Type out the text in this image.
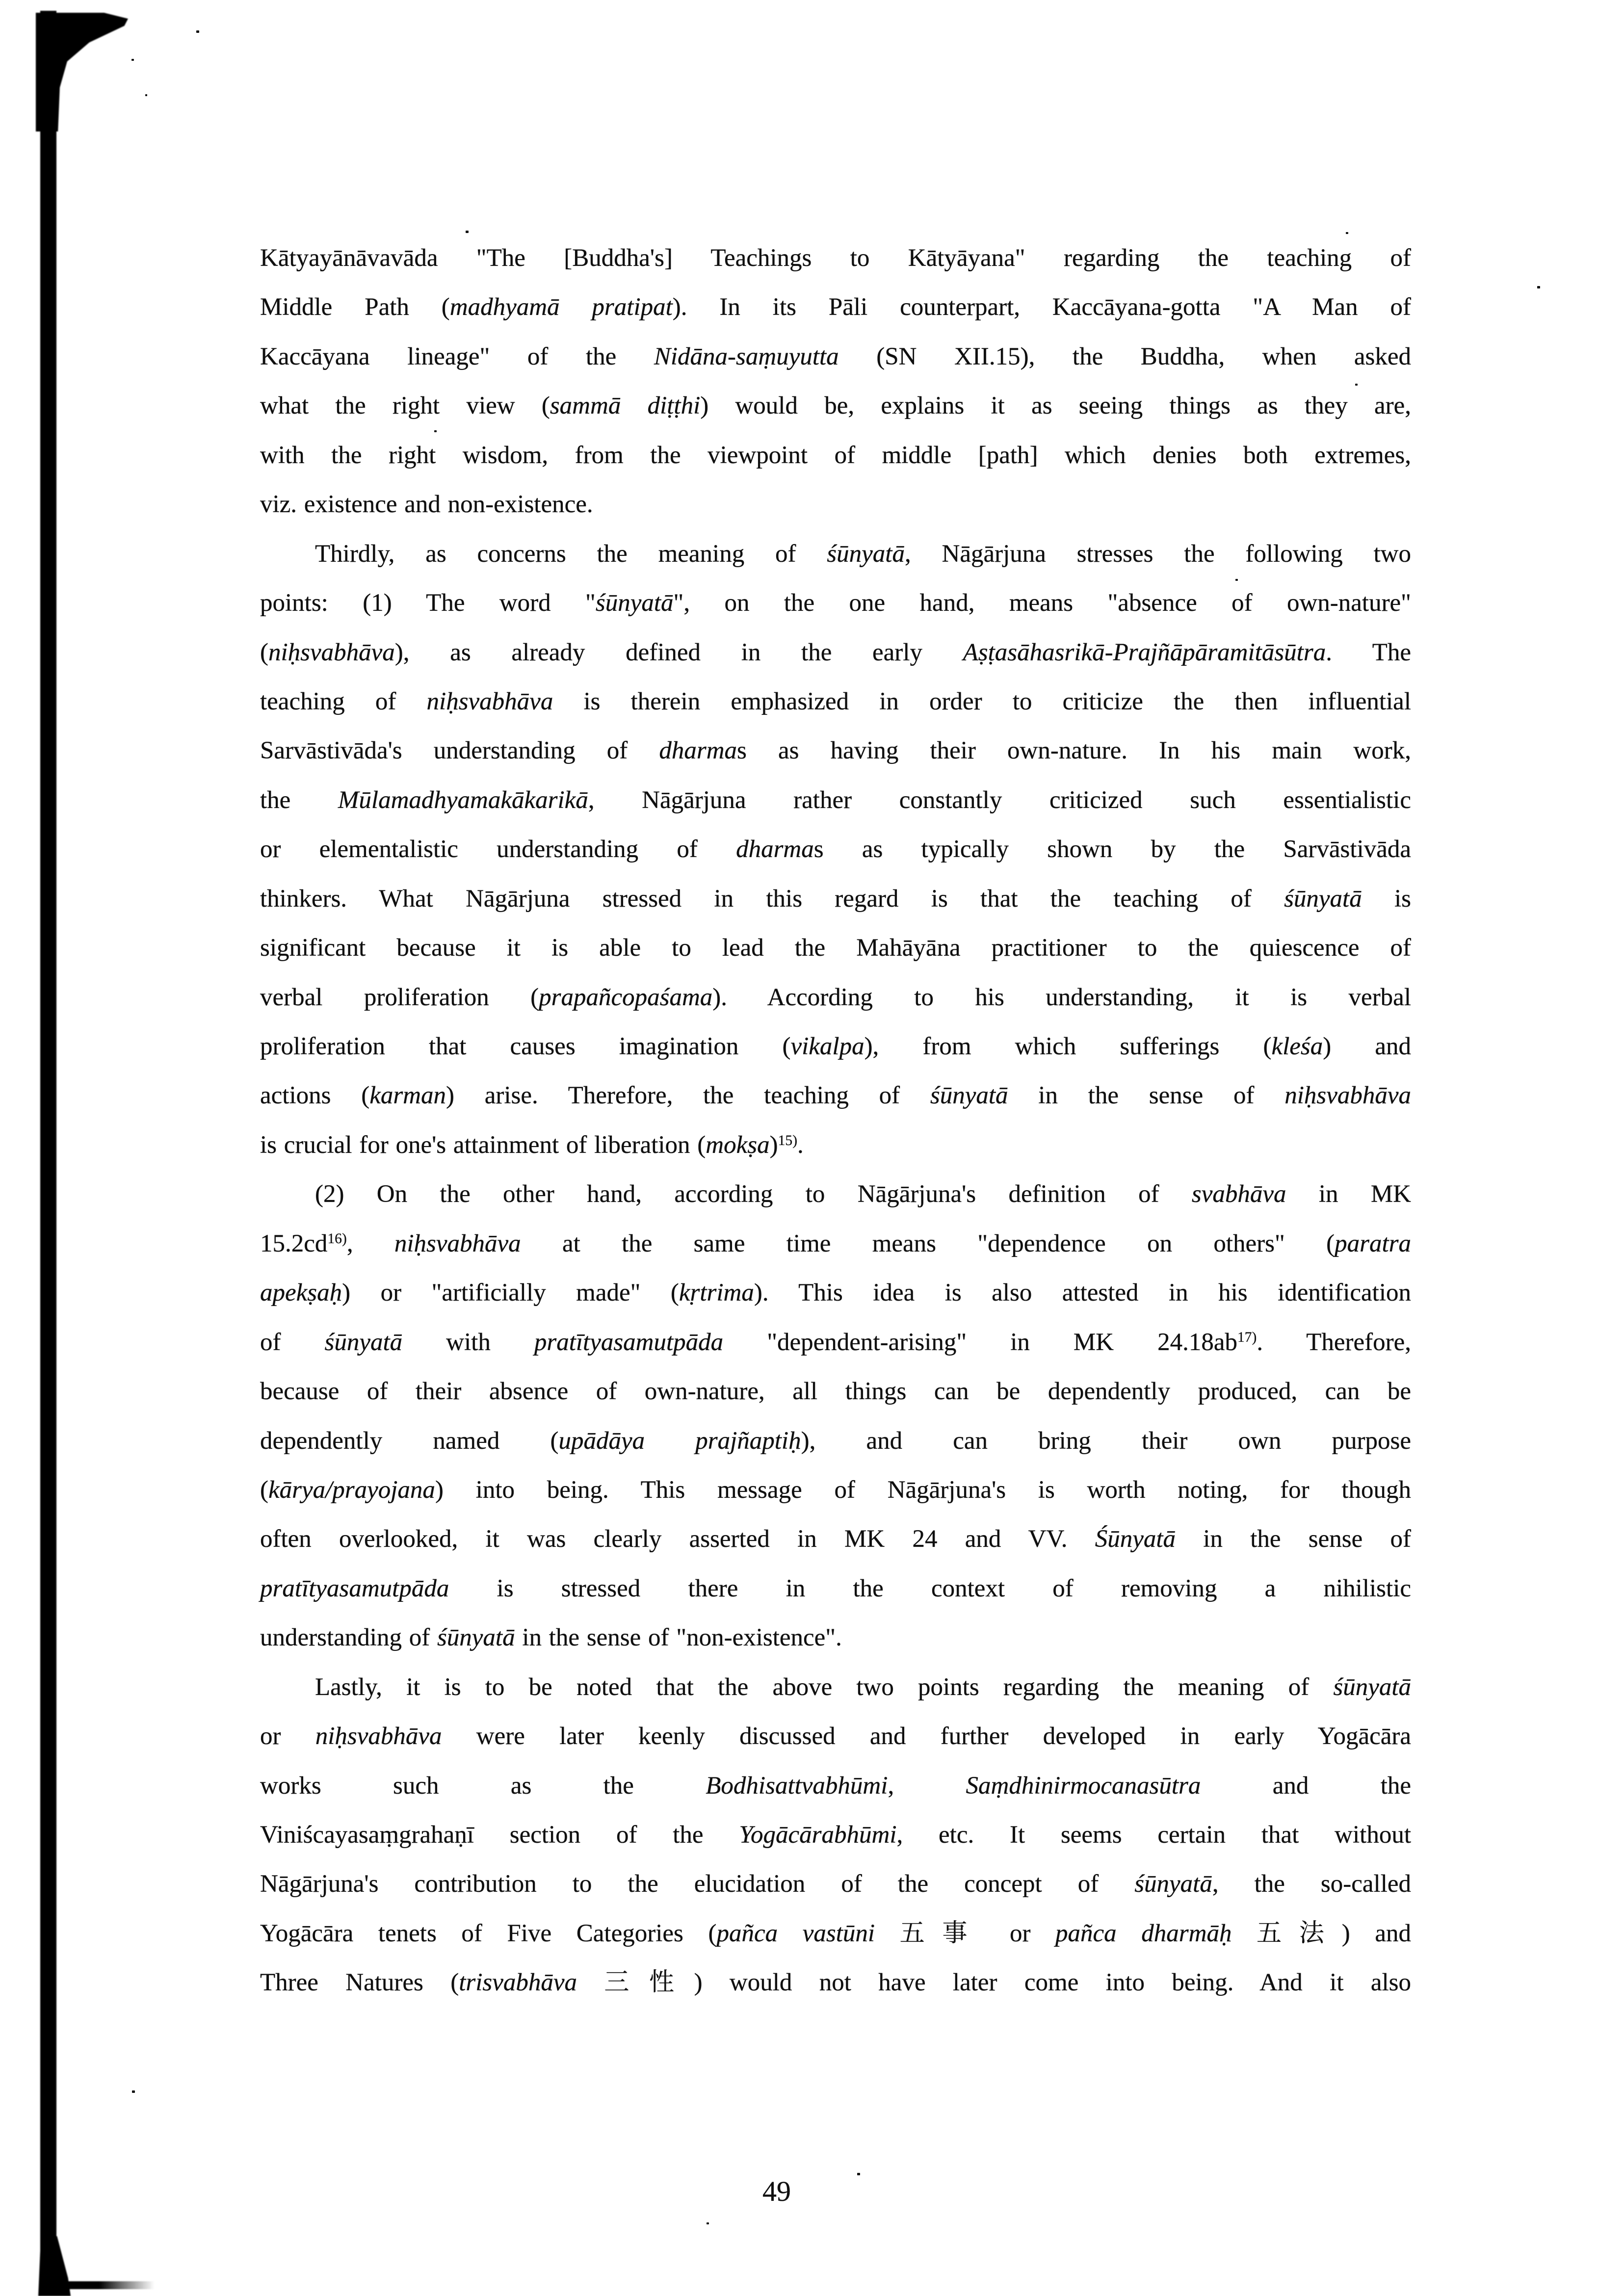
Kātyayānāvavāda "The [Buddha's] Teachings to Kātyāyana" regarding the teaching of
Middle Path (madhyamā pratipat). In its Pāli counterpart, Kaccāyana-gotta "A Man of
Kaccāyana lineage" of the Nidāna-saṃuyutta (SN XII.15), the Buddha, when asked
what the right view (sammā diṭṭhi) would be, explains it as seeing things as they are,
with the right wisdom, from the viewpoint of middle [path] which denies both extremes,
viz. existence and non-existence.
Thirdly, as concerns the meaning of śūnyatā, Nāgārjuna stresses the following two
points: (1) The word "śūnyatā", on the one hand, means "absence of own-nature"
(niḥsvabhāva), as already defined in the early Aṣṭasāhasrikā-Prajñāpāramitāsūtra. The
teaching of niḥsvabhāva is therein emphasized in order to criticize the then influential
Sarvāstivāda's understanding of dharmas as having their own-nature. In his main work,
the Mūlamadhyamakākarikā, Nāgārjuna rather constantly criticized such essentialistic
or elementalistic understanding of dharmas as typically shown by the Sarvāstivāda
thinkers. What Nāgārjuna stressed in this regard is that the teaching of śūnyatā is
significant because it is able to lead the Mahāyāna practitioner to the quiescence of
verbal proliferation (prapañcopaśama). According to his understanding, it is verbal
proliferation that causes imagination (vikalpa), from which sufferings (kleśa) and
actions (karman) arise. Therefore, the teaching of śūnyatā in the sense of niḥsvabhāva
is crucial for one's attainment of liberation (mokṣa)$^{15)}$.
(2) On the other hand, according to Nāgārjuna's definition of svabhāva in MK
$15.2cd^{16)}$, niḥsvabhāva at the same time means "dependence on others" (paratra
apekṣaḥ) or "artificially made" (kṛtrima). This idea is also attested in his identification
of śūnyatā with pratītyasamutpāda "dependent-arising" in MK $24.18ab^{17)}$. Therefore,
because of their absence of own-nature, all things can be dependently produced, can be
dependently named (upādāya prajñaptiḥ), and can bring their own purpose
(kārya/prayojana) into being. This message of Nāgārjuna's is worth noting, for though
often overlooked, it was clearly asserted in MK 24 and VV. Śūnyatā in the sense of
pratītyasamutpāda is stressed there in the context of removing a nihilistic
understanding of śūnyatā in the sense of "non-existence".
Lastly, it is to be noted that the above two points regarding the meaning of śūnyatā
or niḥsvabhāva were later keenly discussed and further developed in early Yogācāra
works such as the Bodhisattvabhūmi, Saṃdhinirmocanasūtra and the
Viniścayasaṃgrahaṇī section of the Yogācārabhūmi, etc. It seems certain that without
Nāgārjuna's contribution to the elucidation of the concept of śūnyatā, the so-called
Yogācāra tenets of Five Categories (pañca vastūni 五事 or pañca dharmāḥ 五法) and
Three Natures (trisvabhāva 三性) would not have later come into being. And it also
49
